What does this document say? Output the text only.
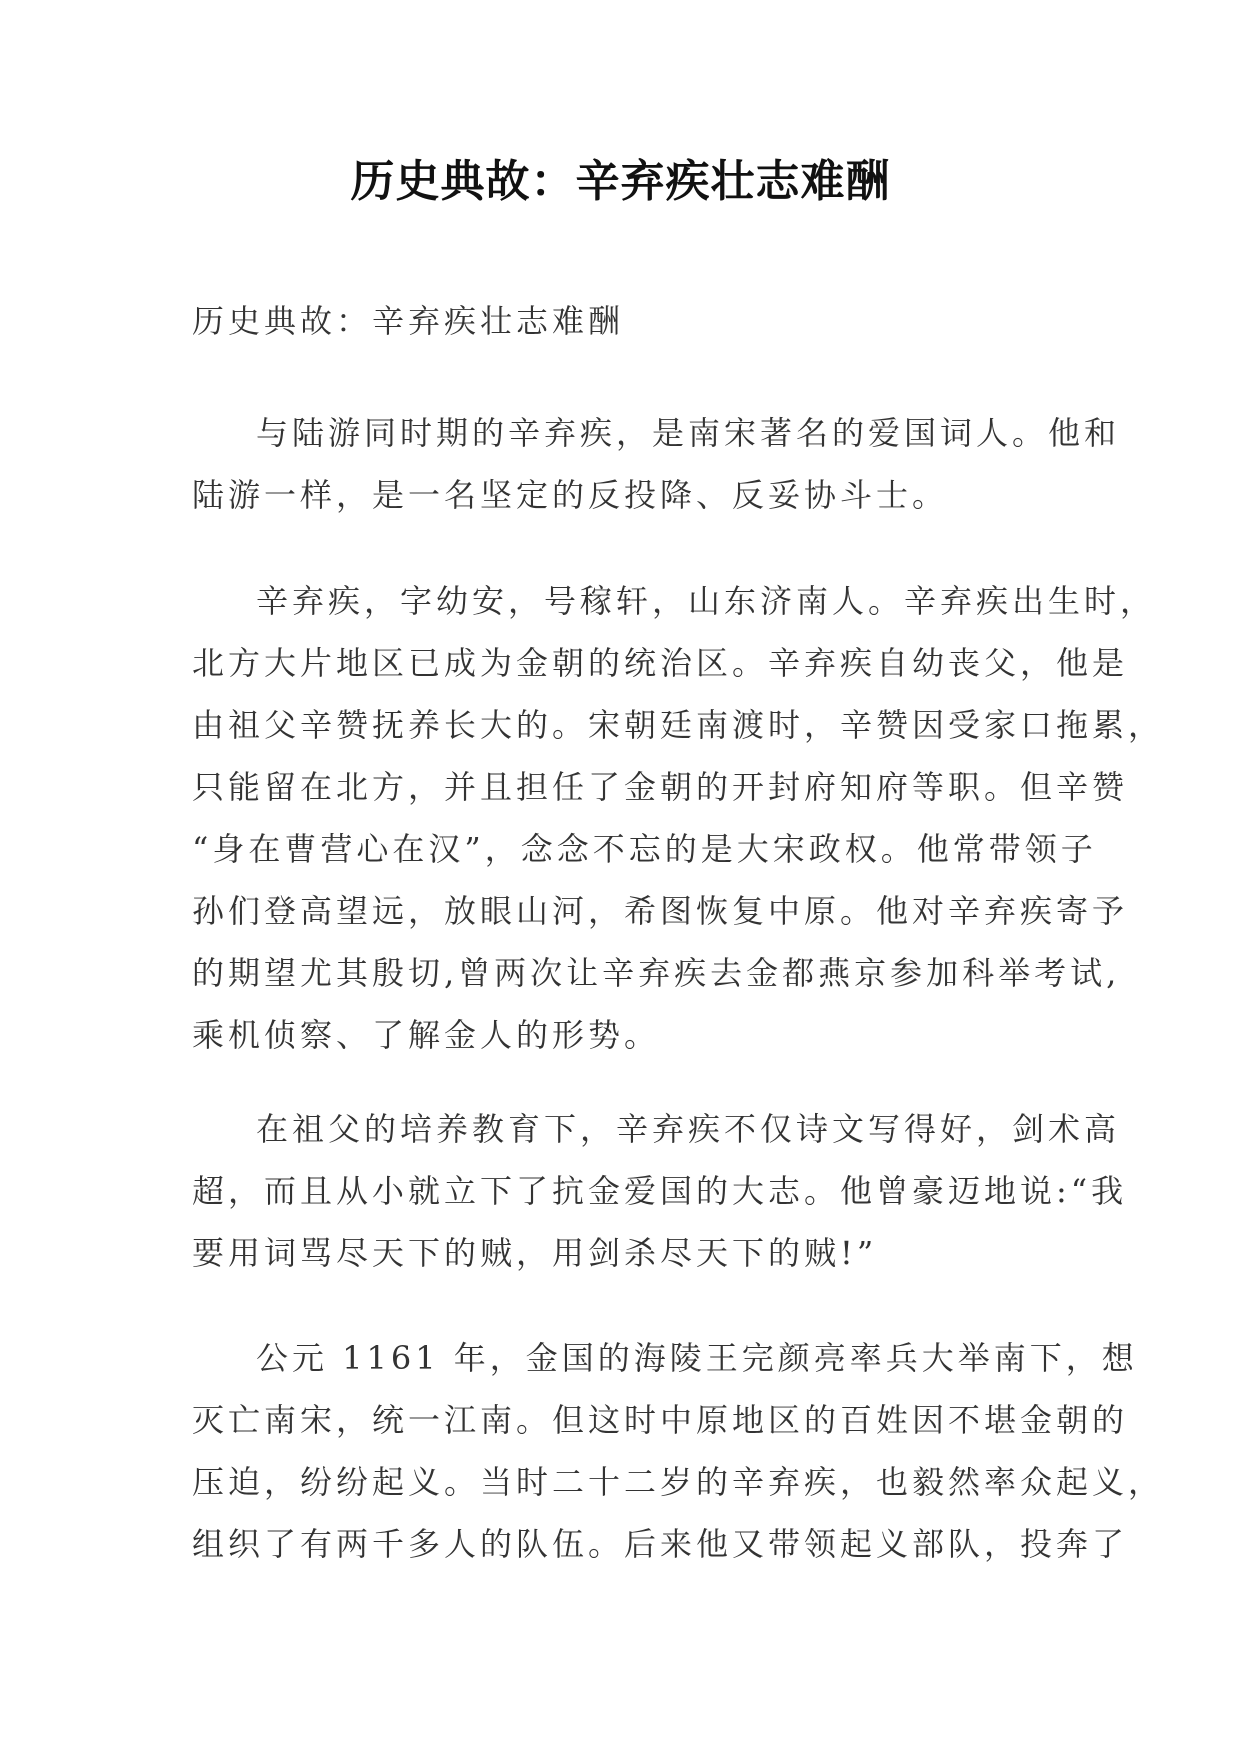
历史典故：辛弃疾壮志难酬
历史典故：辛弃疾壮志难酬
与陆游同时期的辛弃疾，是南宋著名的爱国词人。他和
陆游一样，是一名坚定的反投降、反妥协斗士。
辛弃疾，字幼安，号稼轩，山东济南人。辛弃疾出生时，
北方大片地区已成为金朝的统治区。辛弃疾自幼丧父，他是
由祖父辛赞抚养长大的。宋朝廷南渡时，辛赞因受家口拖累，
只能留在北方，并且担任了金朝的开封府知府等职。但辛赞
“身在曹营心在汉”，念念不忘的是大宋政权。他常带领子
孙们登高望远，放眼山河，希图恢复中原。他对辛弃疾寄予
的期望尤其殷切,曾两次让辛弃疾去金都燕京参加科举考试,
乘机侦察、了解金人的形势。
在祖父的培养教育下，辛弃疾不仅诗文写得好，剑术高
超，而且从小就立下了抗金爱国的大志。他曾豪迈地说:“我
要用词骂尽天下的贼，用剑杀尽天下的贼!”
公元 1161 年，金国的海陵王完颜亮率兵大举南下，想
灭亡南宋，统一江南。但这时中原地区的百姓因不堪金朝的
压迫，纷纷起义。当时二十二岁的辛弃疾，也毅然率众起义，
组织了有两千多人的队伍。后来他又带领起义部队，投奔了
